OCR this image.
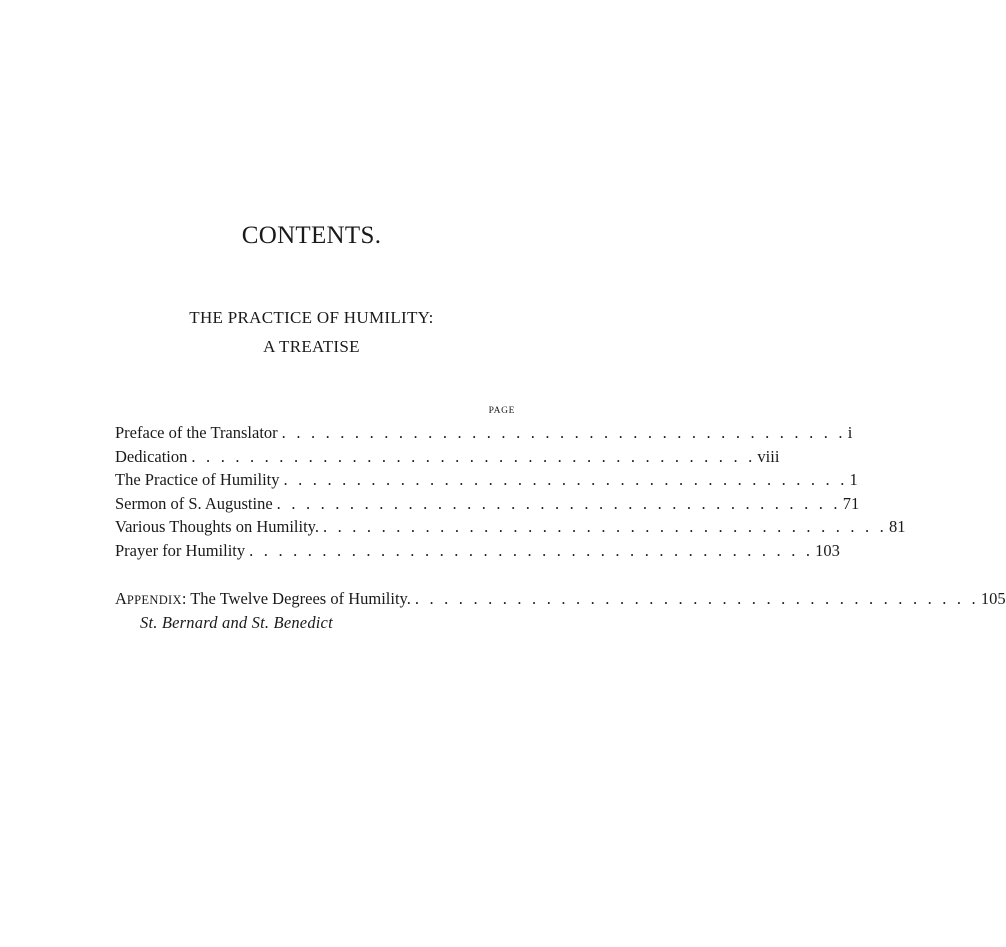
CONTENTS.
THE PRACTICE OF HUMILITY:
A TREATISE
PAGE
Preface of the Translator . . . . . . . . . . . . . . . . . . . . . . . . . . . . . . . . . . . . . . . i
Dedication . . . . . . . . . . . . . . . . . . . . . . . . . . . . . . . . . . . . . . . viii
The Practice of Humility . . . . . . . . . . . . . . . . . . . . . . . . . . . . . . . . . . . . . . . 1
Sermon of S. Augustine . . . . . . . . . . . . . . . . . . . . . . . . . . . . . . . . . . . . . . . 71
Various Thoughts on Humility. . . . . . . . . . . . . . . . . . . . . . . . . . . . . . . . . . . . . . . . 81
Prayer for Humility . . . . . . . . . . . . . . . . . . . . . . . . . . . . . . . . . . . . . . . 103
APPENDIX: The Twelve Degrees of Humility. . . . . . . . . . . . . . . . . . . . . . . . . . . . . . . . . . . . . . . . 105
St. Bernard and St. Benedict
